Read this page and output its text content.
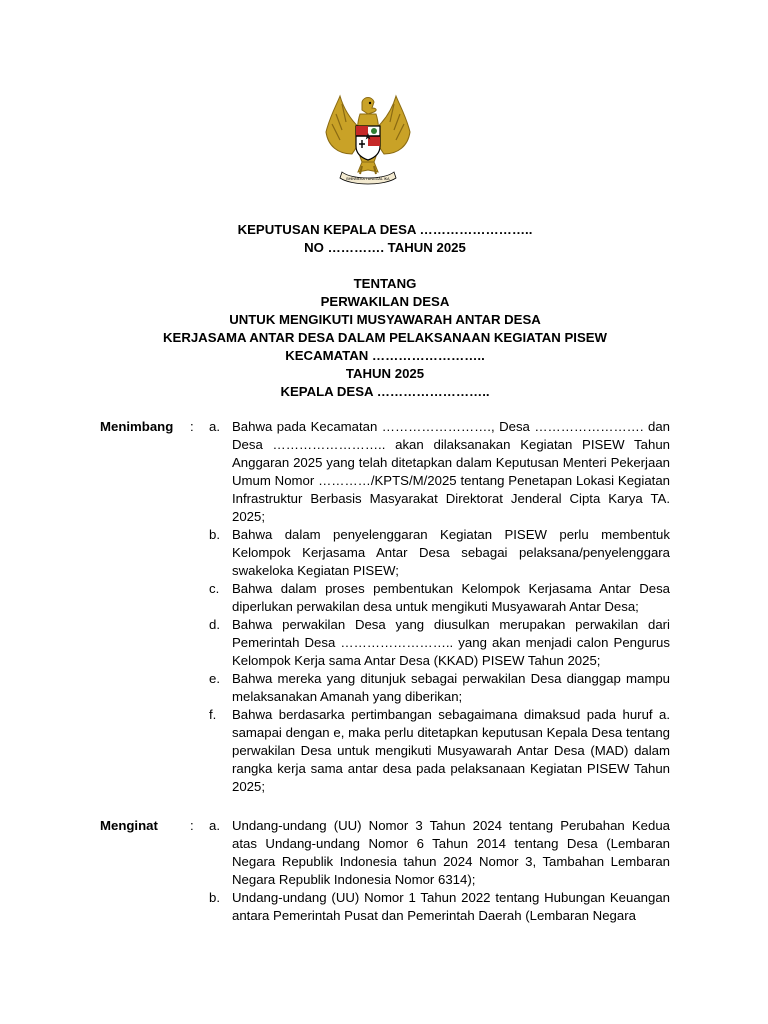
BHINNEKA TUNGGAL IKA
KEPUTUSAN KEPALA DESA ……………………..
NO …………. TAHUN 2025
TENTANG
PERWAKILAN DESA
UNTUK MENGIKUTI MUSYAWARAH ANTAR DESA
KERJASAMA ANTAR DESA DALAM PELAKSANAAN KEGIATAN PISEW
KECAMATAN ……………………..
TAHUN 2025
KEPALA DESA ……………………..
Menimbang : a. Bahwa pada Kecamatan ……………………., Desa ……………………. dan Desa …………………….. akan dilaksanakan Kegiatan PISEW Tahun Anggaran 2025 yang telah ditetapkan dalam Keputusan Menteri Pekerjaan Umum Nomor …………/KPTS/M/2025 tentang Penetapan Lokasi Kegiatan Infrastruktur Berbasis Masyarakat Direktorat Jenderal Cipta Karya TA. 2025;
b. Bahwa dalam penyelenggaran Kegiatan PISEW perlu membentuk Kelompok Kerjasama Antar Desa sebagai pelaksana/penyelenggara swakeloka Kegiatan PISEW;
c. Bahwa dalam proses pembentukan Kelompok Kerjasama Antar Desa diperlukan perwakilan desa untuk mengikuti Musyawarah Antar Desa;
d. Bahwa perwakilan Desa yang diusulkan merupakan perwakilan dari Pemerintah Desa …………………….. yang akan menjadi calon Pengurus Kelompok Kerja sama Antar Desa (KKAD) PISEW Tahun 2025;
e. Bahwa mereka yang ditunjuk sebagai perwakilan Desa dianggap mampu melaksanakan Amanah yang diberikan;
f. Bahwa berdasarka pertimbangan sebagaimana dimaksud pada huruf a. samapai dengan e, maka perlu ditetapkan keputusan Kepala Desa tentang perwakilan Desa untuk mengikuti Musyawarah Antar Desa (MAD) dalam rangka kerja sama antar desa pada pelaksanaan Kegiatan PISEW Tahun 2025;
Menginat : a. Undang-undang (UU) Nomor 3 Tahun 2024 tentang Perubahan Kedua atas Undang-undang Nomor 6 Tahun 2014 tentang Desa (Lembaran Negara Republik Indonesia tahun 2024 Nomor 3, Tambahan Lembaran Negara Republik Indonesia Nomor 6314);
b. Undang-undang (UU) Nomor 1 Tahun 2022 tentang Hubungan Keuangan antara Pemerintah Pusat dan Pemerintah Daerah (Lembaran Negara
